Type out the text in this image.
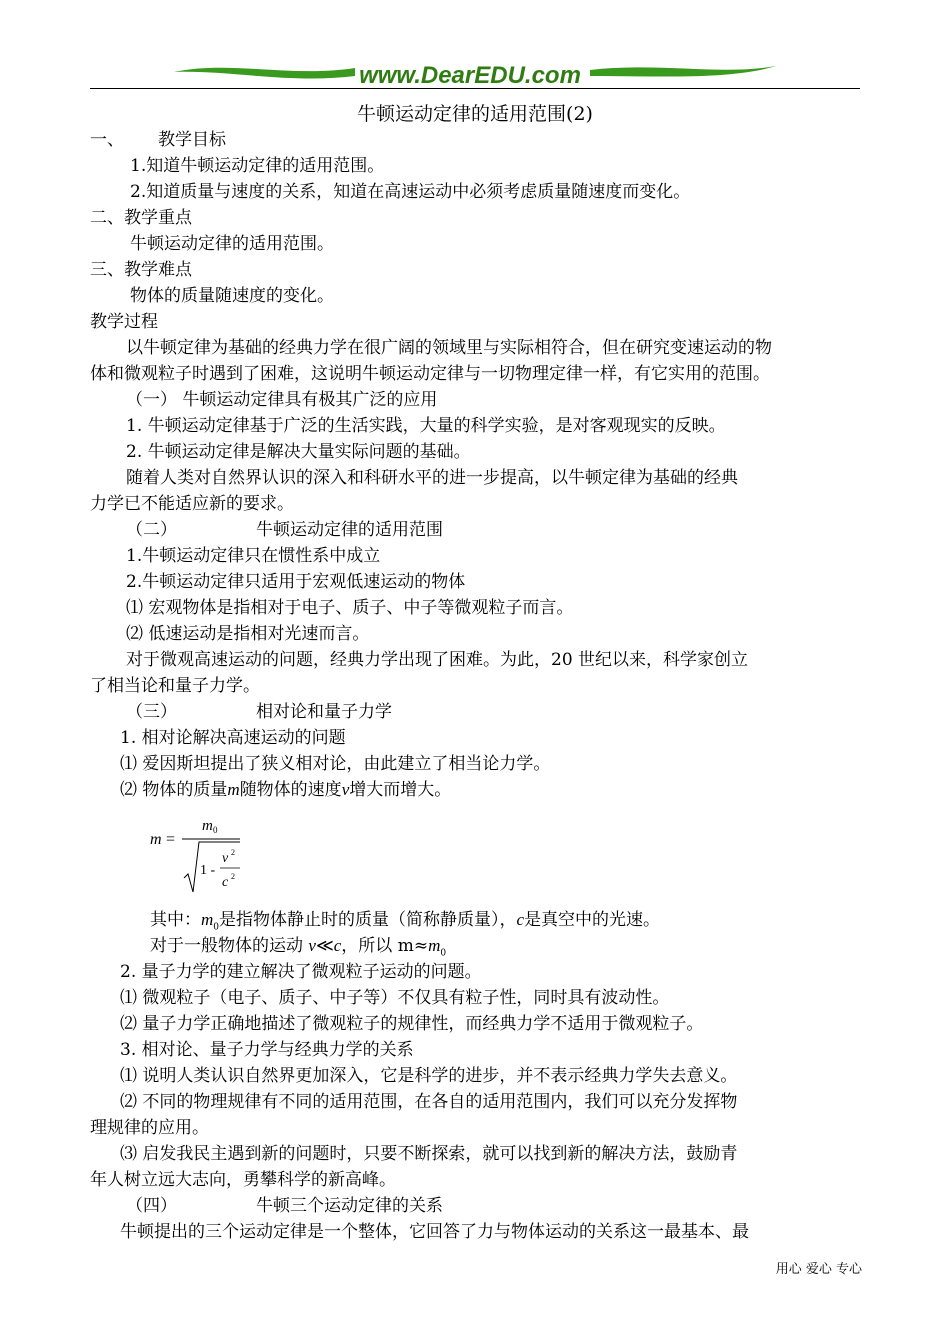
www.DearEDU.com
牛顿运动定律的适用范围(2)
一、 教学目标
1.知道牛顿运动定律的适用范围。
2.知道质量与速度的关系，知道在高速运动中必须考虑质量随速度而变化。
二、教学重点
牛顿运动定律的适用范围。
三、教学难点
物体的质量随速度的变化。
教学过程
以牛顿定律为基础的经典力学在很广阔的领域里与实际相符合，但在研究变速运动的物
体和微观粒子时遇到了困难，这说明牛顿运动定律与一切物理定律一样，有它实用的范围。
（一） 牛顿运动定律具有极其广泛的应用
1. 牛顿运动定律基于广泛的生活实践，大量的科学实验，是对客观现实的反映。
2. 牛顿运动定律是解决大量实际问题的基础。
随着人类对自然界认识的深入和科研水平的进一步提高，以牛顿定律为基础的经典
力学已不能适应新的要求。
（二）	牛顿运动定律的适用范围
1.牛顿运动定律只在惯性系中成立
2.牛顿运动定律只适用于宏观低速运动的物体
⑴ 宏观物体是指相对于电子、质子、中子等微观粒子而言。
⑵ 低速运动是指相对光速而言。
对于微观高速运动的问题，经典力学出现了困难。为此，20 世纪以来，科学家创立
了相当论和量子力学。
（三）	相对论和量子力学
1. 相对论解决高速运动的问题
⑴ 爱因斯坦提出了狭义相对论，由此建立了相当论力学。
⑵ 物体的质量m随物体的速度v增大而增大。
m =
m 0
1 -
v 2
c 2
其中：$m_0$是指物体静止时的质量（简称静质量），c是真空中的光速。
对于一般物体的运动 v≪c，所以 $m\approx m_0$
2. 量子力学的建立解决了微观粒子运动的问题。
⑴ 微观粒子（电子、质子、中子等）不仅具有粒子性，同时具有波动性。
⑵ 量子力学正确地描述了微观粒子的规律性，而经典力学不适用于微观粒子。
3. 相对论、量子力学与经典力学的关系
⑴ 说明人类认识自然界更加深入，它是科学的进步，并不表示经典力学失去意义。
⑵ 不同的物理规律有不同的适用范围，在各自的适用范围内，我们可以充分发挥物
理规律的应用。
⑶ 启发我民主遇到新的问题时，只要不断探索，就可以找到新的解决方法，鼓励青
年人树立远大志向，勇攀科学的新高峰。
（四）	牛顿三个运动定律的关系
牛顿提出的三个运动定律是一个整体，它回答了力与物体运动的关系这一最基本、最
用心 爱心 专心
